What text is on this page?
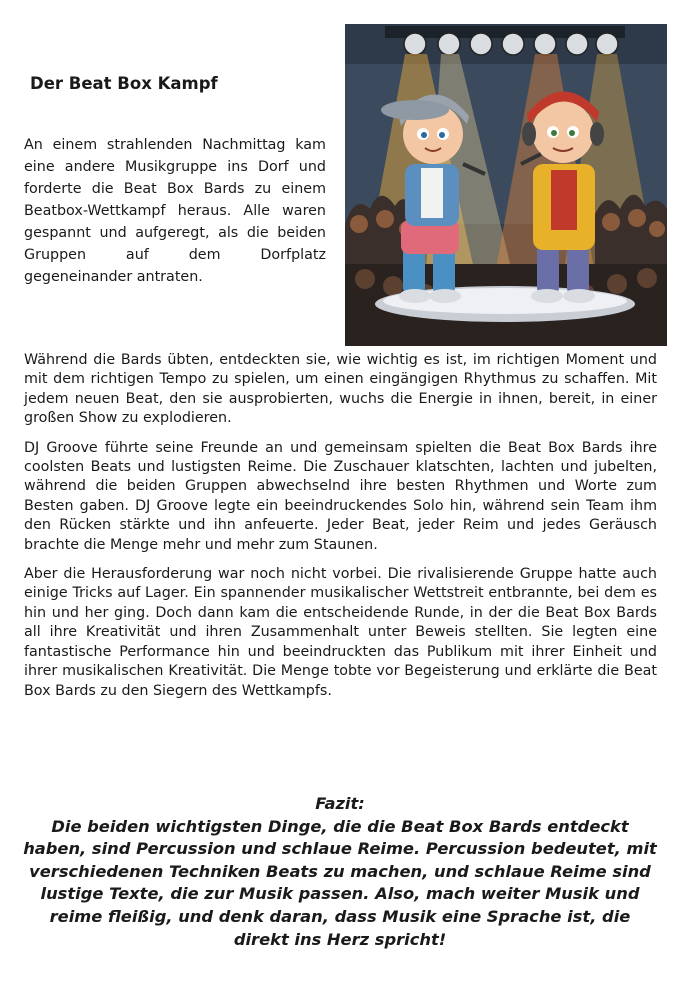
Der Beat Box Kampf

An einem strahlenden Nachmittag kam eine andere Musikgruppe ins Dorf und forderte die Beat Box Bards zu einem Beatbox-Wettkampf heraus. Alle waren gespannt und aufgeregt, als die beiden Gruppen auf dem Dorfplatz gegeneinander antraten.

Während die Bards übten, entdeckten sie, wie wichtig es ist, im richtigen Moment und mit dem richtigen Tempo zu spielen, um einen eingängigen Rhythmus zu schaffen. Mit jedem neuen Beat, den sie ausprobierten, wuchs die Energie in ihnen, bereit, in einer großen Show zu explodieren.

DJ Groove führte seine Freunde an und gemeinsam spielten die Beat Box Bards ihre coolsten Beats und lustigsten Reime. Die Zuschauer klatschten, lachten und jubelten, während die beiden Gruppen abwechselnd ihre besten Rhythmen und Worte zum Besten gaben. DJ Groove legte ein beeindruckendes Solo hin, während sein Team ihm den Rücken stärkte und ihn anfeuerte. Jeder Beat, jeder Reim und jedes Geräusch brachte die Menge mehr und mehr zum Staunen.

Aber die Herausforderung war noch nicht vorbei. Die rivalisierende Gruppe hatte auch einige Tricks auf Lager. Ein spannender musikalischer Wettstreit entbrannte, bei dem es hin und her ging. Doch dann kam die entscheidende Runde, in der die Beat Box Bards all ihre Kreativität und ihren Zusammenhalt unter Beweis stellten. Sie legten eine fantastische Performance hin und beeindruckten das Publikum mit ihrer Einheit und ihrer musikalischen Kreativität. Die Menge tobte vor Begeisterung und erklärte die Beat Box Bards zu den Siegern des Wettkampfs.

Fazit:
Die beiden wichtigsten Dinge, die die Beat Box Bards entdeckt haben, sind Percussion und schlaue Reime. Percussion bedeutet, mit verschiedenen Techniken Beats zu machen, und schlaue Reime sind lustige Texte, die zur Musik passen. Also, mach weiter Musik und reime fleißig, und denk daran, dass Musik eine Sprache ist, die direkt ins Herz spricht!
